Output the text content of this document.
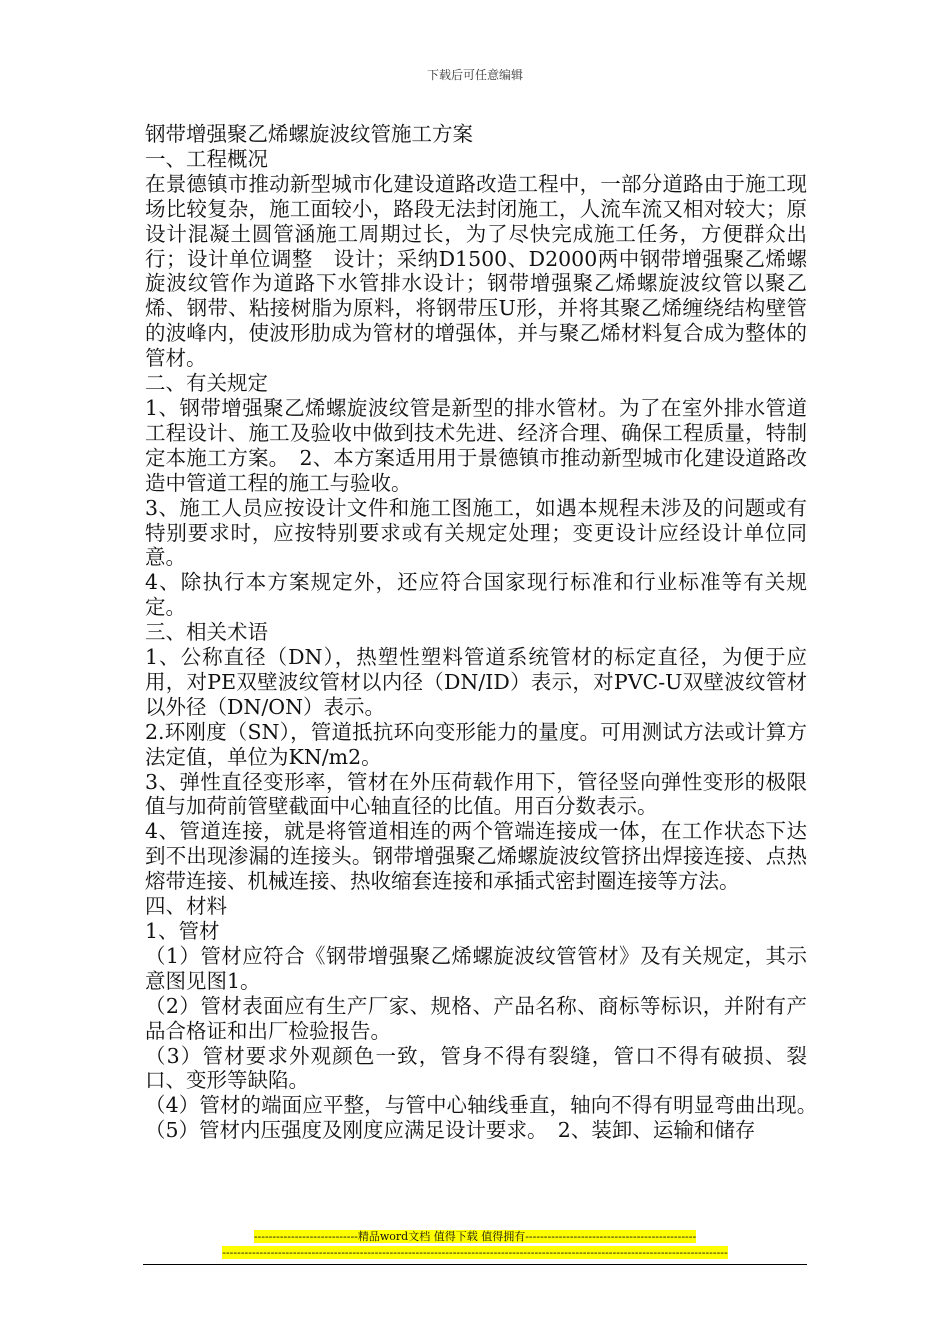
下载后可任意编辑

钢带增强聚乙烯螺旋波纹管施工方案

一、工程概况

在景德镇市推动新型城市化建设道路改造工程中，一部分道路由于施工现场比较复杂，施工面较小，路段无法封闭施工，人流车流又相对较大；原设计混凝土圆管涵施工周期过长，为了尽快完成施工任务，方便群众出行；设计单位调整　设计；采纳D1500、D2000两中钢带增强聚乙烯螺旋波纹管作为道路下水管排水设计；钢带增强聚乙烯螺旋波纹管以聚乙烯、钢带、粘接树脂为原料，将钢带压U形，并将其聚乙烯缠绕结构壁管的波峰内，使波形肋成为管材的增强体，并与聚乙烯材料复合成为整体的管材。

二、有关规定

1、钢带增强聚乙烯螺旋波纹管是新型的排水管材。为了在室外排水管道工程设计、施工及验收中做到技术先进、经济合理、确保工程质量，特制定本施工方案。　2、本方案适用用于景德镇市推动新型城市化建设道路改造中管道工程的施工与验收。

3、施工人员应按设计文件和施工图施工，如遇本规程未涉及的问题或有特别要求时，应按特别要求或有关规定处理；变更设计应经设计单位同意。

4、除执行本方案规定外，还应符合国家现行标准和行业标准等有关规定。

三、相关术语

1、公称直径（DN），热塑性塑料管道系统管材的标定直径，为便于应用，对PE双壁波纹管材以内径（DN/ID）表示，对PVC-U双壁波纹管材以外径（DN/ON）表示。

2.环刚度（SN），管道抵抗环向变形能力的量度。可用测试方法或计算方法定值，单位为KN/m2。

3、弹性直径变形率，管材在外压荷载作用下，管径竖向弹性变形的极限值与加荷前管壁截面中心轴直径的比值。用百分数表示。

4、管道连接，就是将管道相连的两个管端连接成一体，在工作状态下达到不出现渗漏的连接头。钢带增强聚乙烯螺旋波纹管挤出焊接连接、点热熔带连接、机械连接、热收缩套连接和承插式密封圈连接等方法。

四、材料

1、管材

（1）管材应符合《钢带增强聚乙烯螺旋波纹管管材》及有关规定，其示意图见图1。

（2）管材表面应有生产厂家、规格、产品名称、商标等标识，并附有产品合格证和出厂检验报告。

（3）管材要求外观颜色一致，管身不得有裂缝，管口不得有破损、裂口、变形等缺陷。

（4）管材的端面应平整，与管中心轴线垂直，轴向不得有明显弯曲出现。　（5）管材内压强度及刚度应满足设计要求。　2、装卸、运输和储存

----------------------------精品word文档 值得下载 值得拥有----------------------------------------------
----------------------------------------------------------------------------------------------------------------------------------------
